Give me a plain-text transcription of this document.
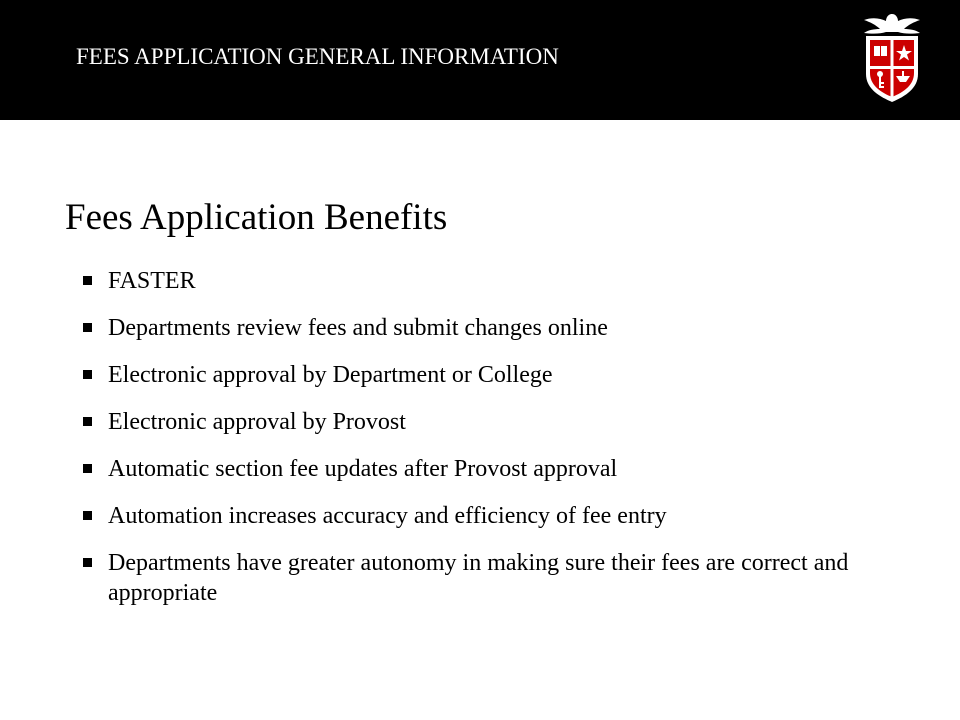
FEES APPLICATION GENERAL INFORMATION
Fees Application Benefits
FASTER
Departments review fees and submit changes online
Electronic approval by Department or College
Electronic approval by Provost
Automatic section fee updates after Provost approval
Automation increases accuracy and efficiency of fee entry
Departments have greater autonomy in making sure their fees are correct and appropriate
